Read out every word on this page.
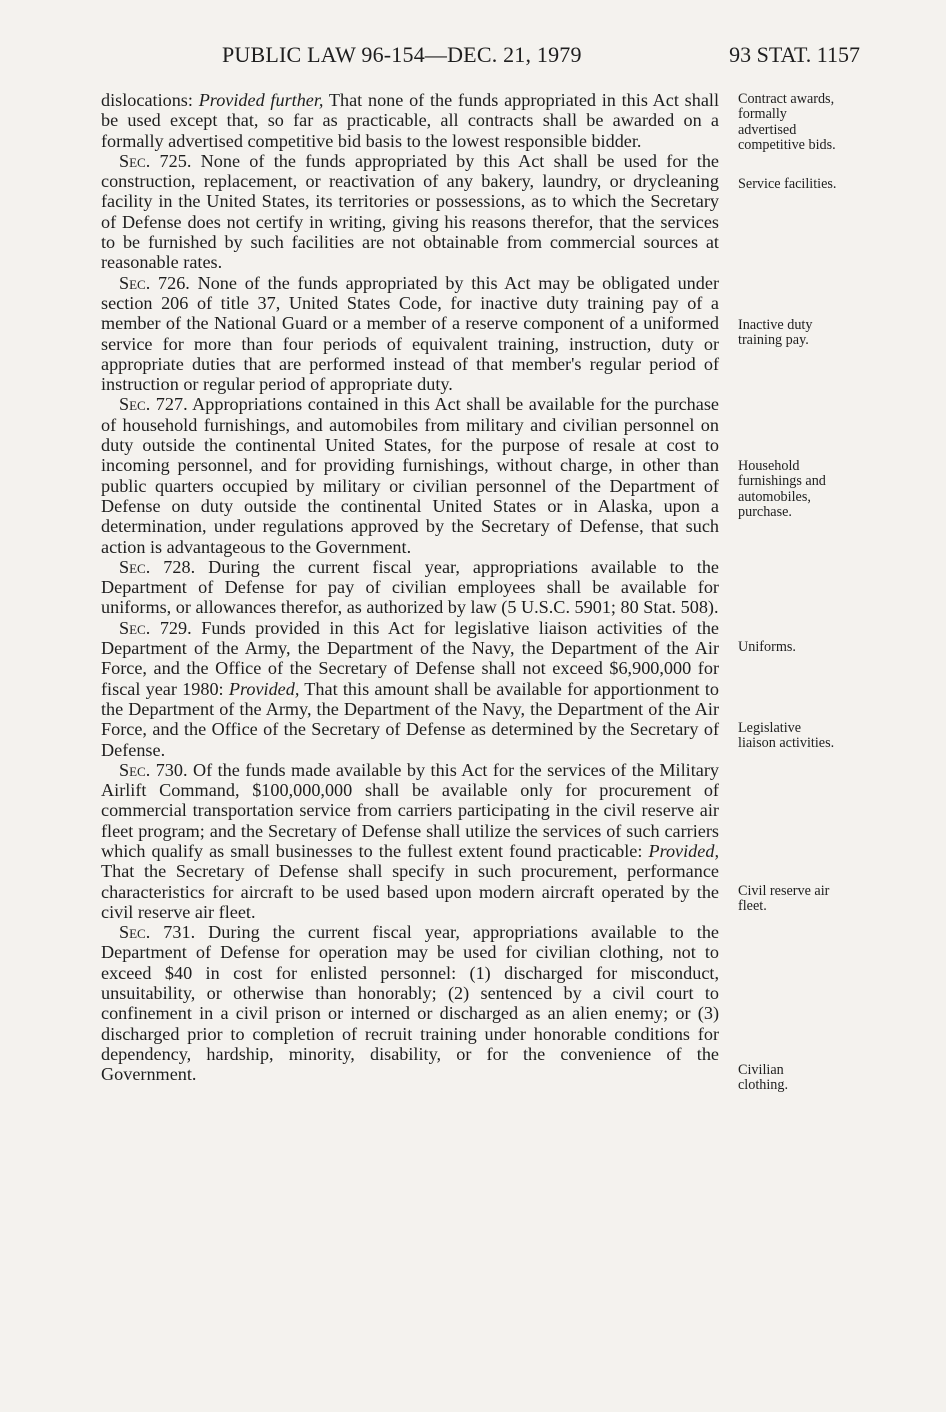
PUBLIC LAW 96-154—DEC. 21, 1979	93 STAT. 1157

dislocations: Provided further, That none of the funds appropriated in this Act shall be used except that, so far as practicable, all contracts shall be awarded on a formally advertised competitive bid basis to the lowest responsible bidder.

Sec. 725. None of the funds appropriated by this Act shall be used for the construction, replacement, or reactivation of any bakery, laundry, or drycleaning facility in the United States, its territories or possessions, as to which the Secretary of Defense does not certify in writing, giving his reasons therefor, that the services to be furnished by such facilities are not obtainable from commercial sources at reasonable rates.

Sec. 726. None of the funds appropriated by this Act may be obligated under section 206 of title 37, United States Code, for inactive duty training pay of a member of the National Guard or a member of a reserve component of a uniformed service for more than four periods of equivalent training, instruction, duty or appropriate duties that are performed instead of that member's regular period of instruction or regular period of appropriate duty.

Sec. 727. Appropriations contained in this Act shall be available for the purchase of household furnishings, and automobiles from military and civilian personnel on duty outside the continental United States, for the purpose of resale at cost to incoming personnel, and for providing furnishings, without charge, in other than public quarters occupied by military or civilian personnel of the Department of Defense on duty outside the continental United States or in Alaska, upon a determination, under regulations approved by the Secretary of Defense, that such action is advantageous to the Government.

Sec. 728. During the current fiscal year, appropriations available to the Department of Defense for pay of civilian employees shall be available for uniforms, or allowances therefor, as authorized by law (5 U.S.C. 5901; 80 Stat. 508).

Sec. 729. Funds provided in this Act for legislative liaison activities of the Department of the Army, the Department of the Navy, the Department of the Air Force, and the Office of the Secretary of Defense shall not exceed $6,900,000 for fiscal year 1980: Provided, That this amount shall be available for apportionment to the Department of the Army, the Department of the Navy, the Department of the Air Force, and the Office of the Secretary of Defense as determined by the Secretary of Defense.

Sec. 730. Of the funds made available by this Act for the services of the Military Airlift Command, $100,000,000 shall be available only for procurement of commercial transportation service from carriers participating in the civil reserve air fleet program; and the Secretary of Defense shall utilize the services of such carriers which qualify as small businesses to the fullest extent found practicable: Provided, That the Secretary of Defense shall specify in such procurement, performance characteristics for aircraft to be used based upon modern aircraft operated by the civil reserve air fleet.

Sec. 731. During the current fiscal year, appropriations available to the Department of Defense for operation may be used for civilian clothing, not to exceed $40 in cost for enlisted personnel: (1) discharged for misconduct, unsuitability, or otherwise than honorably; (2) sentenced by a civil court to confinement in a civil prison or interned or discharged as an alien enemy; or (3) discharged prior to completion of recruit training under honorable conditions for dependency, hardship, minority, disability, or for the convenience of the Government.

Contract awards,
formally
advertised
competitive bids.
Service facilities.
Inactive duty
training pay.
Household
furnishings and
automobiles,
purchase.
Uniforms.
Legislative
liaison activities.
Civil reserve air
fleet.
Civilian
clothing.
